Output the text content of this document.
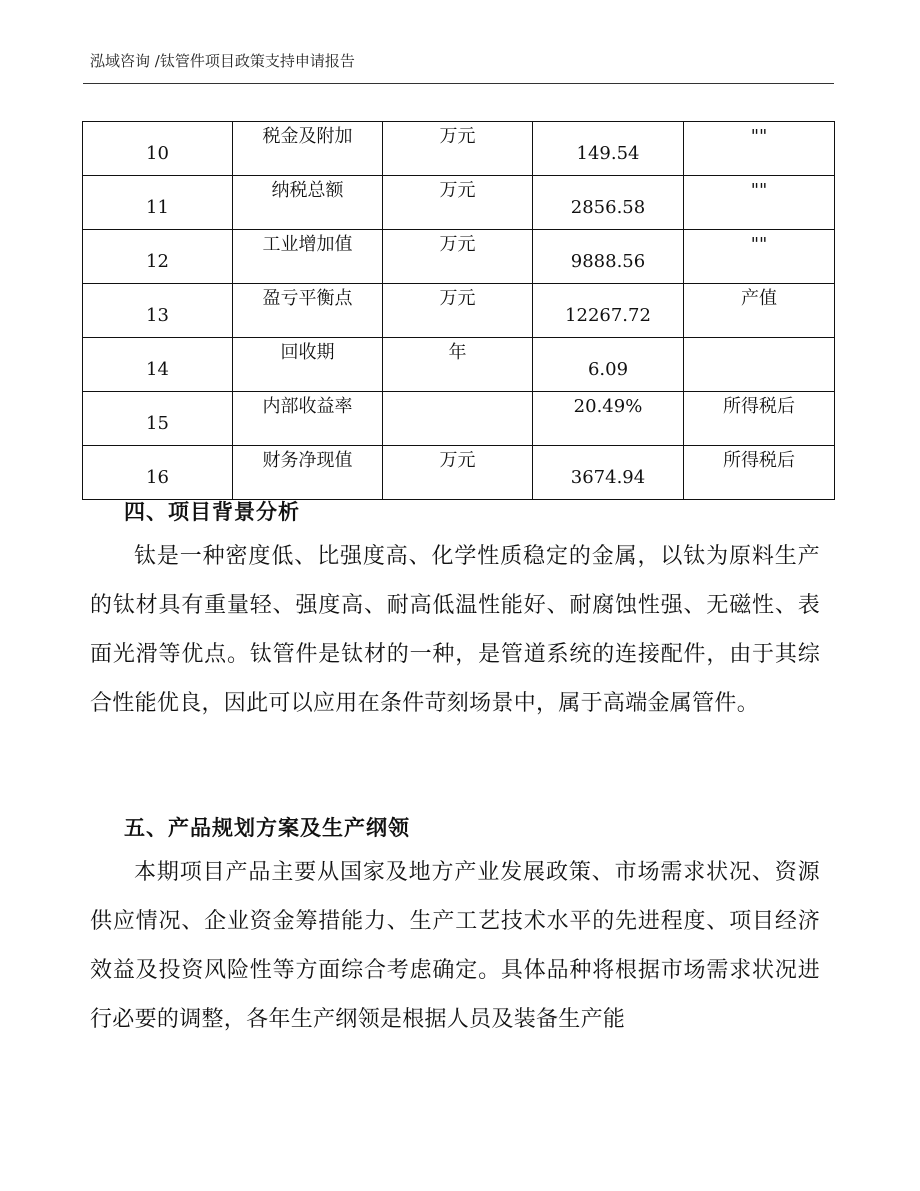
泓域咨询 /钛管件项目政策支持申请报告
10	税金及附加	万元	149.54	""
11	纳税总额	万元	2856.58	""
12	工业增加值	万元	9888.56	""
13	盈亏平衡点	万元	12267.72	产值
14	回收期	年	6.09	
15	内部收益率		20.49%	所得税后
16	财务净现值	万元	3674.94	所得税后
四、项目背景分析
钛是一种密度低、比强度高、化学性质稳定的金属，以钛为原料生产的钛材具有重量轻、强度高、耐高低温性能好、耐腐蚀性强、无磁性、表面光滑等优点。钛管件是钛材的一种，是管道系统的连接配件，由于其综合性能优良，因此可以应用在条件苛刻场景中，属于高端金属管件。
五、产品规划方案及生产纲领
本期项目产品主要从国家及地方产业发展政策、市场需求状况、资源供应情况、企业资金筹措能力、生产工艺技术水平的先进程度、项目经济效益及投资风险性等方面综合考虑确定。具体品种将根据市场需求状况进行必要的调整，各年生产纲领是根据人员及装备生产能
